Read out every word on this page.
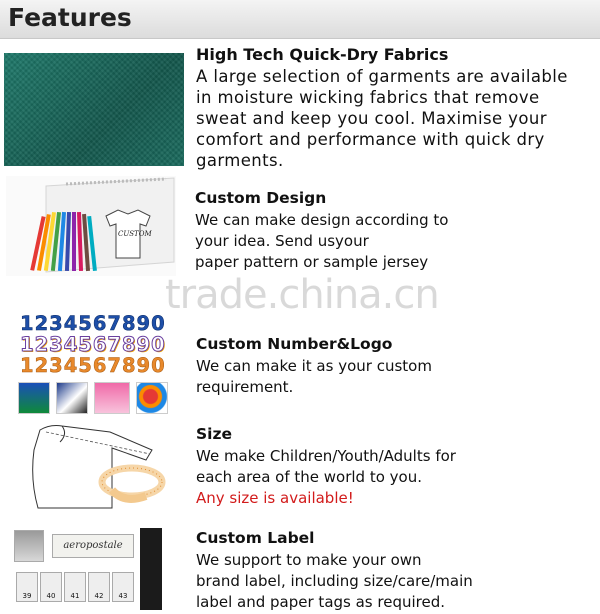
Features
High Tech Quick-Dry Fabrics
A large selection of garments are available
in moisture wicking fabrics that remove
sweat and keep you cool. Maximise your
comfort and performance with quick dry
garments.
CUSTOM
Custom Design
We can make design according to
your idea. Send usyour
paper pattern or sample jersey
trade.china.cn
1234567890
1234567890
1234567890
Custom Number&Logo
We can make it as your custom
requirement.
Size
We make Children/Youth/Adults for
each area of the world to you.
Any size is available!
aeropostale
39	40	41	42	43
Custom Label
We support to make your own
brand label, including size/care/main
label and paper tags as required.
